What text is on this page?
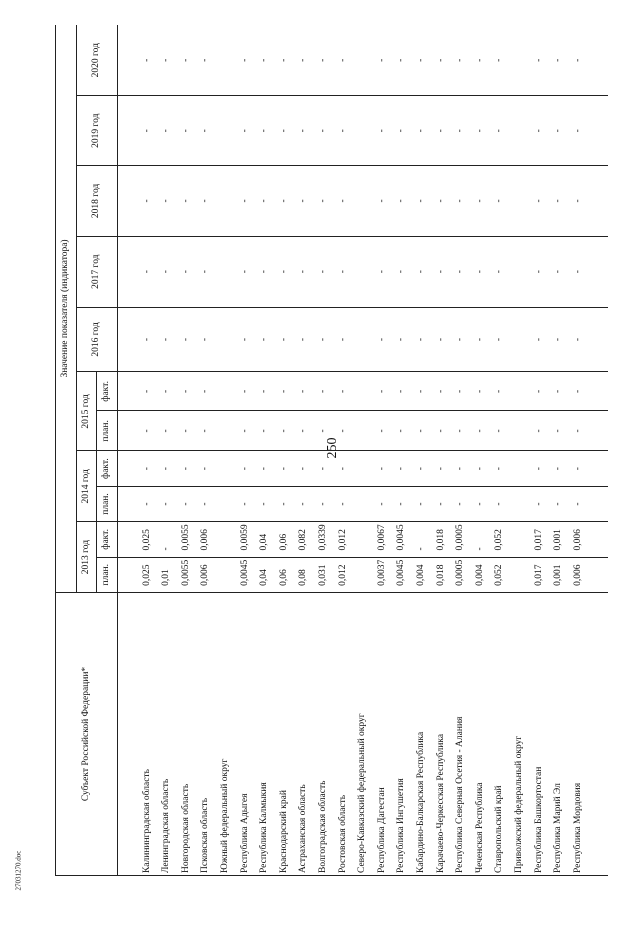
250
27031270.doc
Субъект Российской Федерации*	Значение показателя (индикатора)										
	2013 год		2014 год		2015 год		2016 год	2017 год	2018 год	2019 год	2020 год
	план.	факт.	план.	факт.	план.	факт.					

Калининградская область	0,025	0,025	-	-	-	-	-	-	-	-	-
Ленинградская область	0,01	-	-	-	-	-	-	-	-	-	-
Новгородская область	0,0055	0,0055	-	-	-	-	-	-	-	-	-
Псковская область	0,006	0,006	-	-	-	-	-	-	-	-	-
Южный федеральный округ											
Республика Адыгея	0,0045	0,0059	-	-	-	-	-	-	-	-	-
Республика Калмыкия	0,04	0,04	-	-	-	-	-	-	-	-	-
Краснодарский край	0,06	0,06	-	-	-	-	-	-	-	-	-
Астраханская область	0,08	0,082	-	-	-	-	-	-	-	-	-
Волгоградская область	0,031	0,0339	-	-	-	-	-	-	-	-	-
Ростовская область	0,012	0,012	-	-	-	-	-	-	-	-	-
Северо-Кавказский федеральный округ											
Республика Дагестан	0,0037	0,0067	-	-	-	-	-	-	-	-	-
Республика Ингушетия	0,0045	0,0045	-	-	-	-	-	-	-	-	-
Кабардино-Балкарская Республика	0,004	-	-	-	-	-	-	-	-	-	-
Карачаево-Черкесская Республика	0,018	0,018	-	-	-	-	-	-	-	-	-
Республика Северная Осетия - Алания	0,0005	0,0005	-	-	-	-	-	-	-	-	-
Чеченская Республика	0,004	-	-	-	-	-	-	-	-	-	-
Ставропольский край	0,052	0,052	-	-	-	-	-	-	-	-	-
Приволжский федеральный округ											
Республика Башкортостан	0,017	0,017	-	-	-	-	-	-	-	-	-
Республика Марий Эл	0,001	0,001	-	-	-	-	-	-	-	-	-
Республика Мордовия	0,006	0,006	-	-	-	-	-	-	-	-	-
